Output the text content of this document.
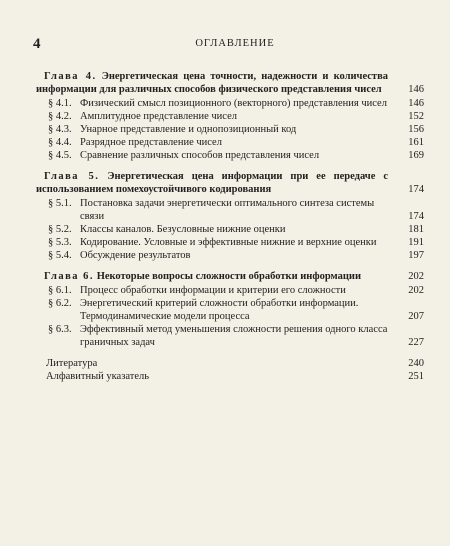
4	ОГЛАВЛЕНИЕ
Глава 4. Энергетическая цена точности, надежности и количества информации для различных способов физического представления чисел	146
§ 4.1. Физический смысл позиционного (векторного) представления чисел	146
§ 4.2. Амплитудное представление чисел	152
§ 4.3. Унарное представление и однопозиционный код	156
§ 4.4. Разрядное представление чисел	161
§ 4.5. Сравнение различных способов представления чисел	169
Глава 5. Энергетическая цена информации при ее передаче с использованием помехоустойчивого кодирования	174
§ 5.1. Постановка задачи энергетически оптимального синтеза системы связи	174
§ 5.2. Классы каналов. Безусловные нижние оценки	181
§ 5.3. Кодирование. Условные и эффективные нижние и верхние оценки	191
§ 5.4. Обсуждение результатов	197
Глава 6. Некоторые вопросы сложности обработки информации	202
§ 6.1. Процесс обработки информации и критерии его сложности	202
§ 6.2. Энергетический критерий сложности обработки информации. Термодинамические модели процесса	207
§ 6.3. Эффективный метод уменьшения сложности решения одного класса граничных задач	227
Литература	240
Алфавитный указатель	251
